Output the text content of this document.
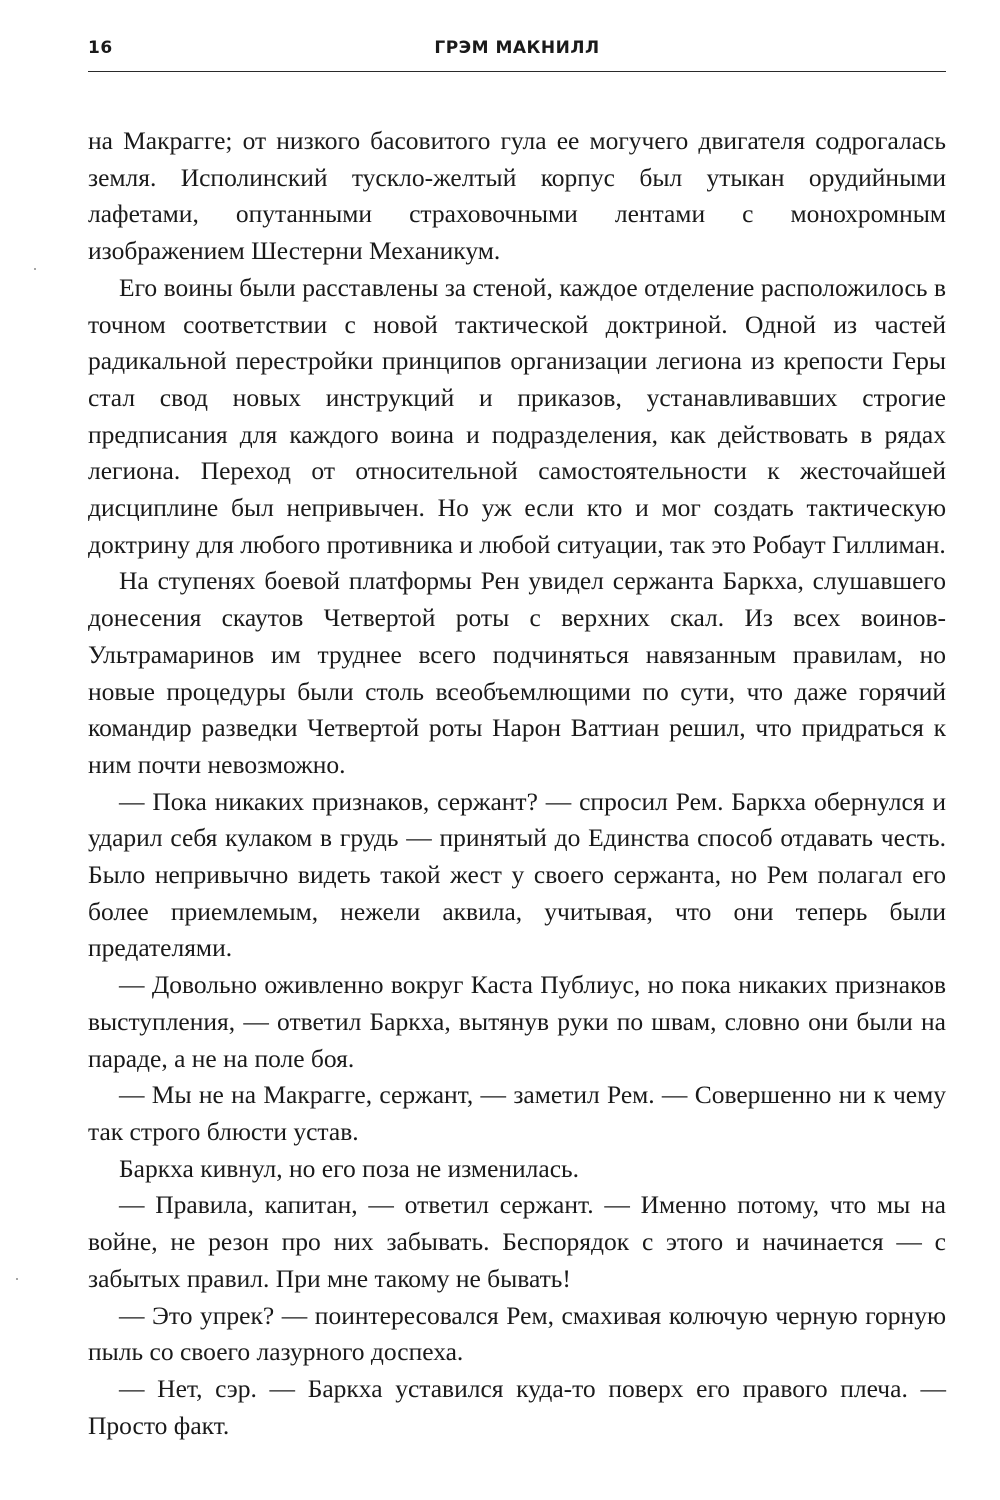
16	ГРЭМ МАКНИЛЛ

на Макрагге; от низкого басовитого гула ее могучего двигателя содрогалась земля. Исполинский тускло-желтый корпус был утыкан орудийными лафетами, опутанными страховочными лентами с монохромным изображением Шестерни Механикум.

Его воины были расставлены за стеной, каждое отделение расположилось в точном соответствии с новой тактической доктриной. Одной из частей радикальной перестройки принципов организации легиона из крепости Геры стал свод новых инструкций и приказов, устанавливавших строгие предписания для каждого воина и подразделения, как действовать в рядах легиона. Переход от относительной самостоятельности к жесточайшей дисциплине был непривычен. Но уж если кто и мог создать тактическую доктрину для любого противника и любой ситуации, так это Робаут Гиллиман.

На ступенях боевой платформы Рен увидел сержанта Баркха, слушавшего донесения скаутов Четвертой роты с верхних скал. Из всех воинов-Ультрамаринов им труднее всего подчиняться навязанным правилам, но новые процедуры были столь всеобъемлющими по сути, что даже горячий командир разведки Четвертой роты Нарон Ваттиан решил, что придраться к ним почти невозможно.

— Пока никаких признаков, сержант? — спросил Рем. Баркха обернулся и ударил себя кулаком в грудь — принятый до Единства способ отдавать честь. Было непривычно видеть такой жест у своего сержанта, но Рем полагал его более приемлемым, нежели аквила, учитывая, что они теперь были предателями.

— Довольно оживленно вокруг Каста Публиус, но пока никаких признаков выступления, — ответил Баркха, вытянув руки по швам, словно они были на параде, а не на поле боя.

— Мы не на Макрагге, сержант, — заметил Рем. — Совершенно ни к чему так строго блюсти устав.

Баркха кивнул, но его поза не изменилась.

— Правила, капитан, — ответил сержант. — Именно потому, что мы на войне, не резон про них забывать. Беспорядок с этого и начинается — с забытых правил. При мне такому не бывать!

— Это упрек? — поинтересовался Рем, смахивая колючую черную горную пыль со своего лазурного доспеха.

— Нет, сэр. — Баркха уставился куда-то поверх его правого плеча. — Просто факт.
